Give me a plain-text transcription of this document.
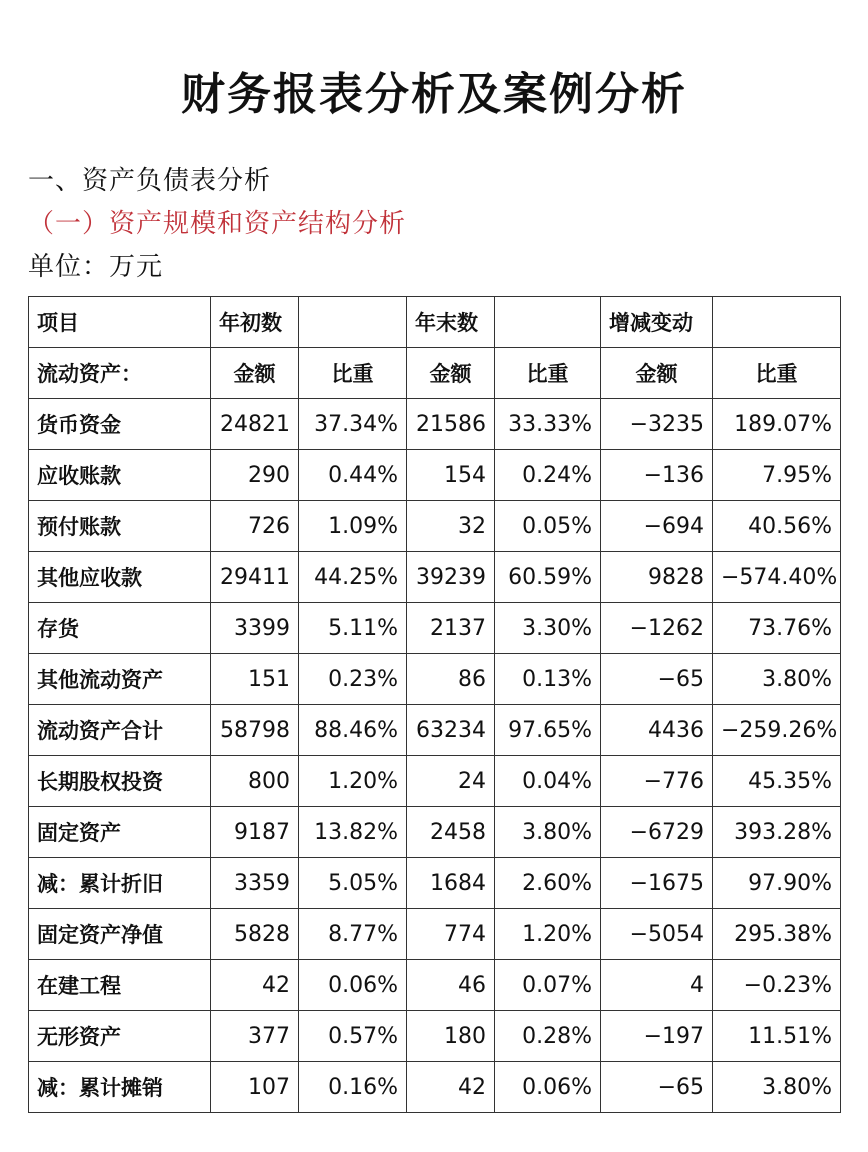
财务报表分析及案例分析
一、资产负债表分析
（一）资产规模和资产结构分析
单位：万元
项目	年初数		年末数		增减变动	
流动资产：	金额	比重	金额	比重	金额	比重
货币资金	24821	37.34%	21586	33.33%	−3235	189.07%
应收账款	290	0.44%	154	0.24%	−136	7.95%
预付账款	726	1.09%	32	0.05%	−694	40.56%
其他应收款	29411	44.25%	39239	60.59%	9828	−574.40%
存货	3399	5.11%	2137	3.30%	−1262	73.76%
其他流动资产	151	0.23%	86	0.13%	−65	3.80%
流动资产合计	58798	88.46%	63234	97.65%	4436	−259.26%
长期股权投资	800	1.20%	24	0.04%	−776	45.35%
固定资产	9187	13.82%	2458	3.80%	−6729	393.28%
减：累计折旧	3359	5.05%	1684	2.60%	−1675	97.90%
固定资产净值	5828	8.77%	774	1.20%	−5054	295.38%
在建工程	42	0.06%	46	0.07%	4	−0.23%
无形资产	377	0.57%	180	0.28%	−197	11.51%
减：累计摊销	107	0.16%	42	0.06%	−65	3.80%
